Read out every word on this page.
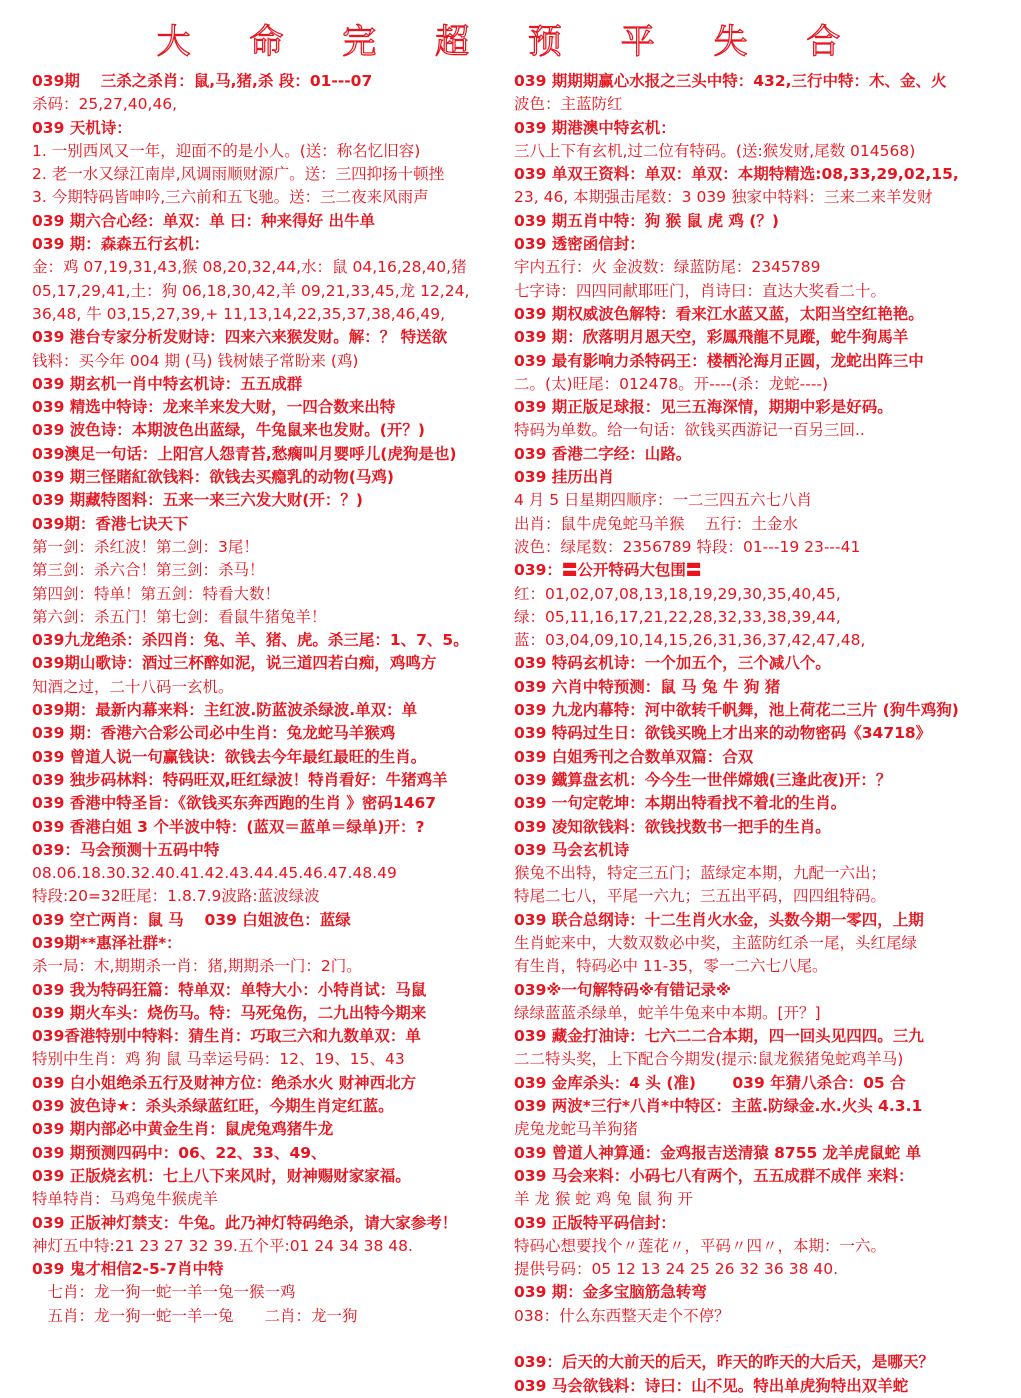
大 命 完 超 预 平 失 合
039期　 三杀之杀肖：鼠,马,猪,杀 段：01---07
杀码：25,27,40,46,
039 天机诗：
1. 一别西风又一年，迎面不的是小人。(送：称名忆旧容)
2. 老一水又绿江南岸,风调雨顺财源广。送：三四抑扬十顿挫
3. 今期特码皆呻吟,三六前和五飞驰。送：三二夜来风雨声
039 期六合心经：单双：单 曰：种来得好 出牛单
039 期：森森五行玄机：
金：鸡 07,19,31,43,猴 08,20,32,44,水：鼠 04,16,28,40,猪
05,17,29,41,土：狗 06,18,30,42,羊 09,21,33,45,龙 12,24,
36,48, 牛 03,15,27,39,+ 11,13,14,22,35,37,38,46,49,
039 港台专家分析发财诗：四来六来猴发财。解：？ 特送欲
钱料：买今年 004 期 (马) 钱树婊子常盼来 (鸡)
039 期玄机一肖中特玄机诗：五五成群
039 精选中特诗：龙来羊来发大财，一四合数来出特
039 波色诗：本期波色出蓝绿，牛兔鼠来也发财。(开？)
039澳足一句话：上阳宫人怨青苔,愁瘸叫月婴呼儿(虎狗是也)
039 期三怪賭紅欲钱料：欲钱去买瘾乳的动物(马鸡)
039 期藏特图料：五来一来三六发大财(开：？)
039期：香港七诀天下
第一剑：杀红波！第二剑：3尾！
第三剑：杀六合！第三剑：杀马！
第四剑：特单！第五剑：特看大数！
第六剑：杀五门！第七剑：看鼠牛猪兔羊！
039九龙绝杀：杀四肖：兔、羊、猪、虎。杀三尾：1、7、5。
039期山歌诗：酒过三杯醉如泥，说三道四若白痴，鸡鸣方
知酒之过，二十八码一玄机。
039期：最新内幕来料：主红波.防蓝波杀绿波.单双：单
039 期：香港六合彩公司必中生肖：兔龙蛇马羊猴鸡
039 曾道人说一句赢钱诀：欲钱去今年最红最旺的生肖。
039 独步码林料：特码旺双,旺红绿波！特肖看好：牛猪鸡羊
039 香港中特圣旨：《欲钱买东奔西跑的生肖 》密码1467
039 香港白姐 3 个半波中特：(蓝双＝蓝单＝绿单)开：?
039：马会预测十五码中特
08.06.18.30.32.40.41.42.43.44.45.46.47.48.49
特段:20=32旺尾：1.8.7.9波路:蓝波绿波
039 空亡两肖：鼠 马　 039 白姐波色：蓝绿
039期**惠泽社群*：
杀一局：木,期期杀一肖：猪,期期杀一门：2门。
039 我为特码狂篇：特单双：单特大小：小特肖试：马鼠
039 期火车头：烧伤马。特：马死兔伤，二九出特今期来
039香港特别中特料：猜生肖：巧取三六和九数单双：单
特别中生肖：鸡 狗 鼠 马幸运号码：12、19、15、43
039 白小姐绝杀五行及财神方位：绝杀水火 财神西北方
039 波色诗★：杀头杀绿蓝红旺，今期生肖定红蓝。
039 期内部必中黄金生肖：鼠虎兔鸡猪牛龙
039 期预测四码中：06、22、33、49、
039 正版烧玄机：七上八下来风时，财神赐财家家福。
特单特肖：马鸡兔牛猴虎羊
039 正版神灯禁支：牛兔。此乃神灯特码绝杀，请大家参考！
神灯五中特:21 23 27 32 39.五个平:01 24 34 38 48.
039 鬼才相信2-5-7肖中特
　七肖：龙一狗一蛇一羊一兔一猴一鸡
　五肖：龙一狗一蛇一羊一兔　　二肖：龙一狗
039 期期期赢心水报之三头中特：432,三行中特：木、金、火
波色：主蓝防红
039 期港澳中特玄机：
三八上下有玄机,过二位有特码。(送:猴发财,尾数 014568)
039 单双王资料：单双：单双：本期特精选:08,33,29,02,15,
23, 46, 本期强击尾数：3 039 独家中特料：三来二来羊发财
039 期五肖中特：狗 猴 鼠 虎 鸡 (？)
039 透密函信封：
宇内五行：火 金波数：绿蓝防尾：2345789
七字诗：四四同献耶旺门，肖诗曰：直达大奖看二十。
039 期权威波色解特：看来江水蓝又蓝，太阳当空红艳艳。
039 期：欣落明月恩天空，彩鳳飛龍不見蹤，蛇牛狗馬羊
039 最有影响力杀特码王：楼栖沦海月正圆，龙蛇出阵三中
二。(太)旺尾：012478。开----(杀：龙蛇----)
039 期正版足球报：见三五海深情，期期中彩是好码。
特码为单数。给一句话：欲钱买西游记一百另三回..
039 香港二字经：山路。
039 挂历出肖
4 月 5 日星期四顺序：一二三四五六七八肖
出肖：鼠牛虎兔蛇马羊猴　 五行：土金水
波色：绿尾数：2356789 特段：01---19 23---41
039：〓公开特码大包围〓
红：01,02,07,08,13,18,19,29,30,35,40,45,
绿：05,11,16,17,21,22,28,32,33,38,39,44,
蓝：03,04,09,10,14,15,26,31,36,37,42,47,48,
039 特码玄机诗：一个加五个，三个减八个。
039 六肖中特预测：鼠 马 兔 牛 狗 猪
039 九龙内幕特：河中欲转千帆舞，池上荷花二三片 (狗牛鸡狗)
039 特码过生日：欲钱买晚上才出来的动物密码《34718》
039 白姐秀刊之合数单双篇：合双
039 鐵算盘玄机：今今生一世伴嫦娥(三逢此夜)开：？
039 一句定乾坤：本期出特看找不着北的生肖。
039 凌知欲钱料：欲钱找数书一把手的生肖。
039 马会玄机诗
猴兔不出特，特定三五门；蓝绿定本期，九配一六出；
特尾二七八，平尾一六九；三五出平码，四四组特码。
039 联合总纲诗：十二生肖火水金，头数今期一零四，上期
生肖蛇来中，大数双数必中奖，主蓝防红杀一尾，头红尾绿
有生肖，特码必中 11-35，零一二六七八尾。
039※一句解特码※有错记录※
绿绿蓝蓝杀绿单，蛇羊牛兔来中本期。[开？]
039 藏金打油诗：七六二二合本期，四一回头见四四。三九
二二特头奖，上下配合今期发(提示:鼠龙猴猪兔蛇鸡羊马)
039 金库杀头：4 头 (准)　　 039 年猜八杀合：05 合
039 两波*三行*八肖*中特区：主蓝.防绿金.水.火头 4.3.1
虎兔龙蛇马羊狗猪
039 曾道人神算通：金鸡报吉送清猿 8755 龙羊虎鼠蛇 单
039 马会来料：小码七八有两个，五五成群不成伴 来料：
羊 龙 猴 蛇 鸡 兔 鼠 狗 开
039 正版特平码信封：
特码心想要找个〃莲花〃，平码〃四〃，本期：一六。
提供号码：05 12 13 24 25 26 32 36 38 40.
039 期：金多宝脑筋急转弯
038：什么东西整天走个不停？
039：后天的大前天的后天，昨天的昨天的大后天，是哪天？
039 马会欲钱料：诗曰：山不见。特出单虎狗特出双羊蛇
